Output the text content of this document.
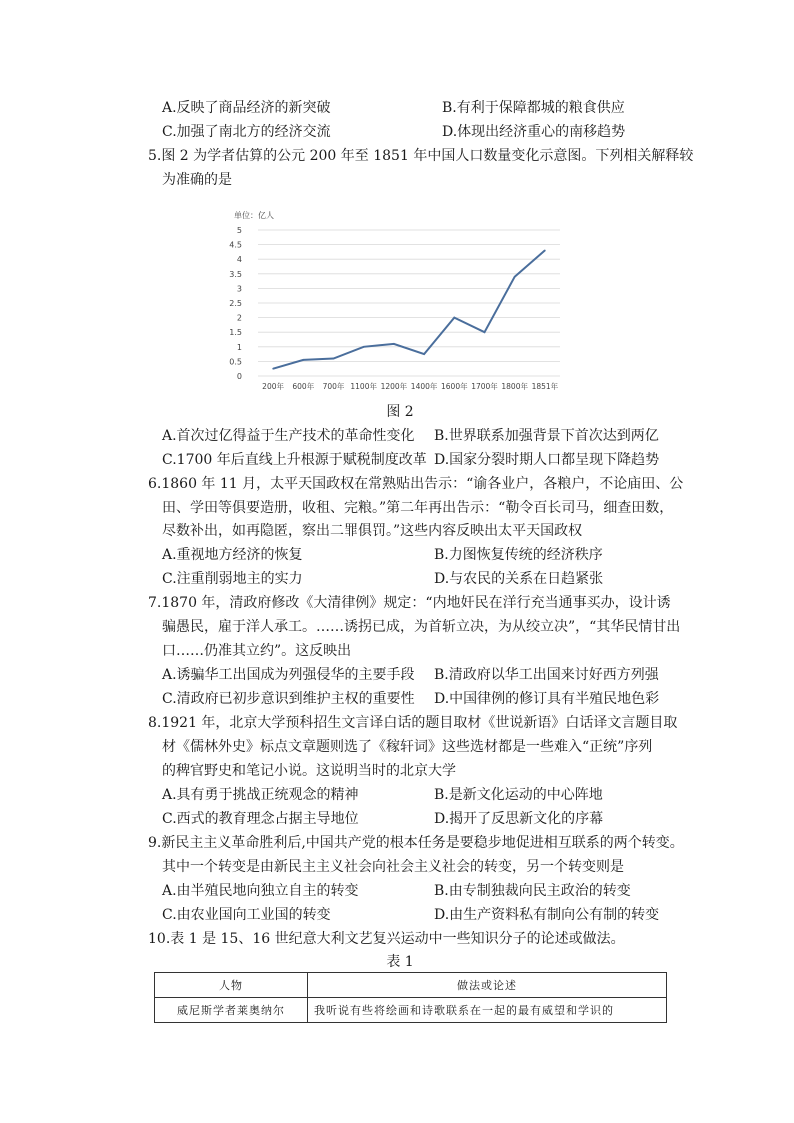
A.反映了商品经济的新突破	B.有利于保障都城的粮食供应
C.加强了南北方的经济交流	D.体现出经济重心的南移趋势
5.图 2 为学者估算的公元 200 年至 1851 年中国人口数量变化示意图。下列相关解释较
为准确的是
0
0.5
1
1.5
2
2.5
3
3.5
4
4.5
5
200年 600年 700年 1100年 1200年 1400年 1600年 1700年 1800年 1851年
单位：亿人
图 2
A.首次过亿得益于生产技术的革命性变化 B.世界联系加强背景下首次达到两亿
C.1700 年后直线上升根源于赋税制度改革 D.国家分裂时期人口都呈现下降趋势
6.1860 年 11 月，太平天国政权在常熟贴出告示：“谕各业户，各粮户，不论庙田、公
田、学田等俱要造册，收租、完粮。”第二年再出告示：“勒令百长司马，细查田数，
尽数补出，如再隐匿，察出二罪俱罚。”这些内容反映出太平天国政权
A.重视地方经济的恢复	B.力图恢复传统的经济秩序
C.注重削弱地主的实力	D.与农民的关系在日趋紧张
7.1870 年，清政府修改《大清律例》规定：“内地奸民在洋行充当通事买办，设计诱
骗愚民，雇于洋人承工。……诱拐已成，为首斩立决，为从绞立决”，“其华民情甘出
口……仍准其立约”。这反映出
A.诱骗华工出国成为列强侵华的主要手段 B.清政府以华工出国来讨好西方列强
C.清政府已初步意识到维护主权的重要性 D.中国律例的修订具有半殖民地色彩
8.1921 年，北京大学预科招生文言译白话的题目取材《世说新语》白话译文言题目取
材《儒林外史》标点文章题则选了《稼轩词》这些选材都是一些难入“正统”序列
的稗官野史和笔记小说。这说明当时的北京大学
A.具有勇于挑战正统观念的精神	B.是新文化运动的中心阵地
C.西式的教育理念占据主导地位	D.揭开了反思新文化的序幕
9.新民主主义革命胜利后,中国共产党的根本任务是要稳步地促进相互联系的两个转变。
其中一个转变是由新民主主义社会向社会主义社会的转变，另一个转变则是
A.由半殖民地向独立自主的转变	B.由专制独裁向民主政治的转变
C.由农业国向工业国的转变	D.由生产资料私有制向公有制的转变
10.表 1 是 15、16 世纪意大利文艺复兴运动中一些知识分子的论述或做法。
表 1
人物	做法或论述
威尼斯学者莱奥纳尔	我听说有些将绘画和诗歌联系在一起的最有威望和学识的
